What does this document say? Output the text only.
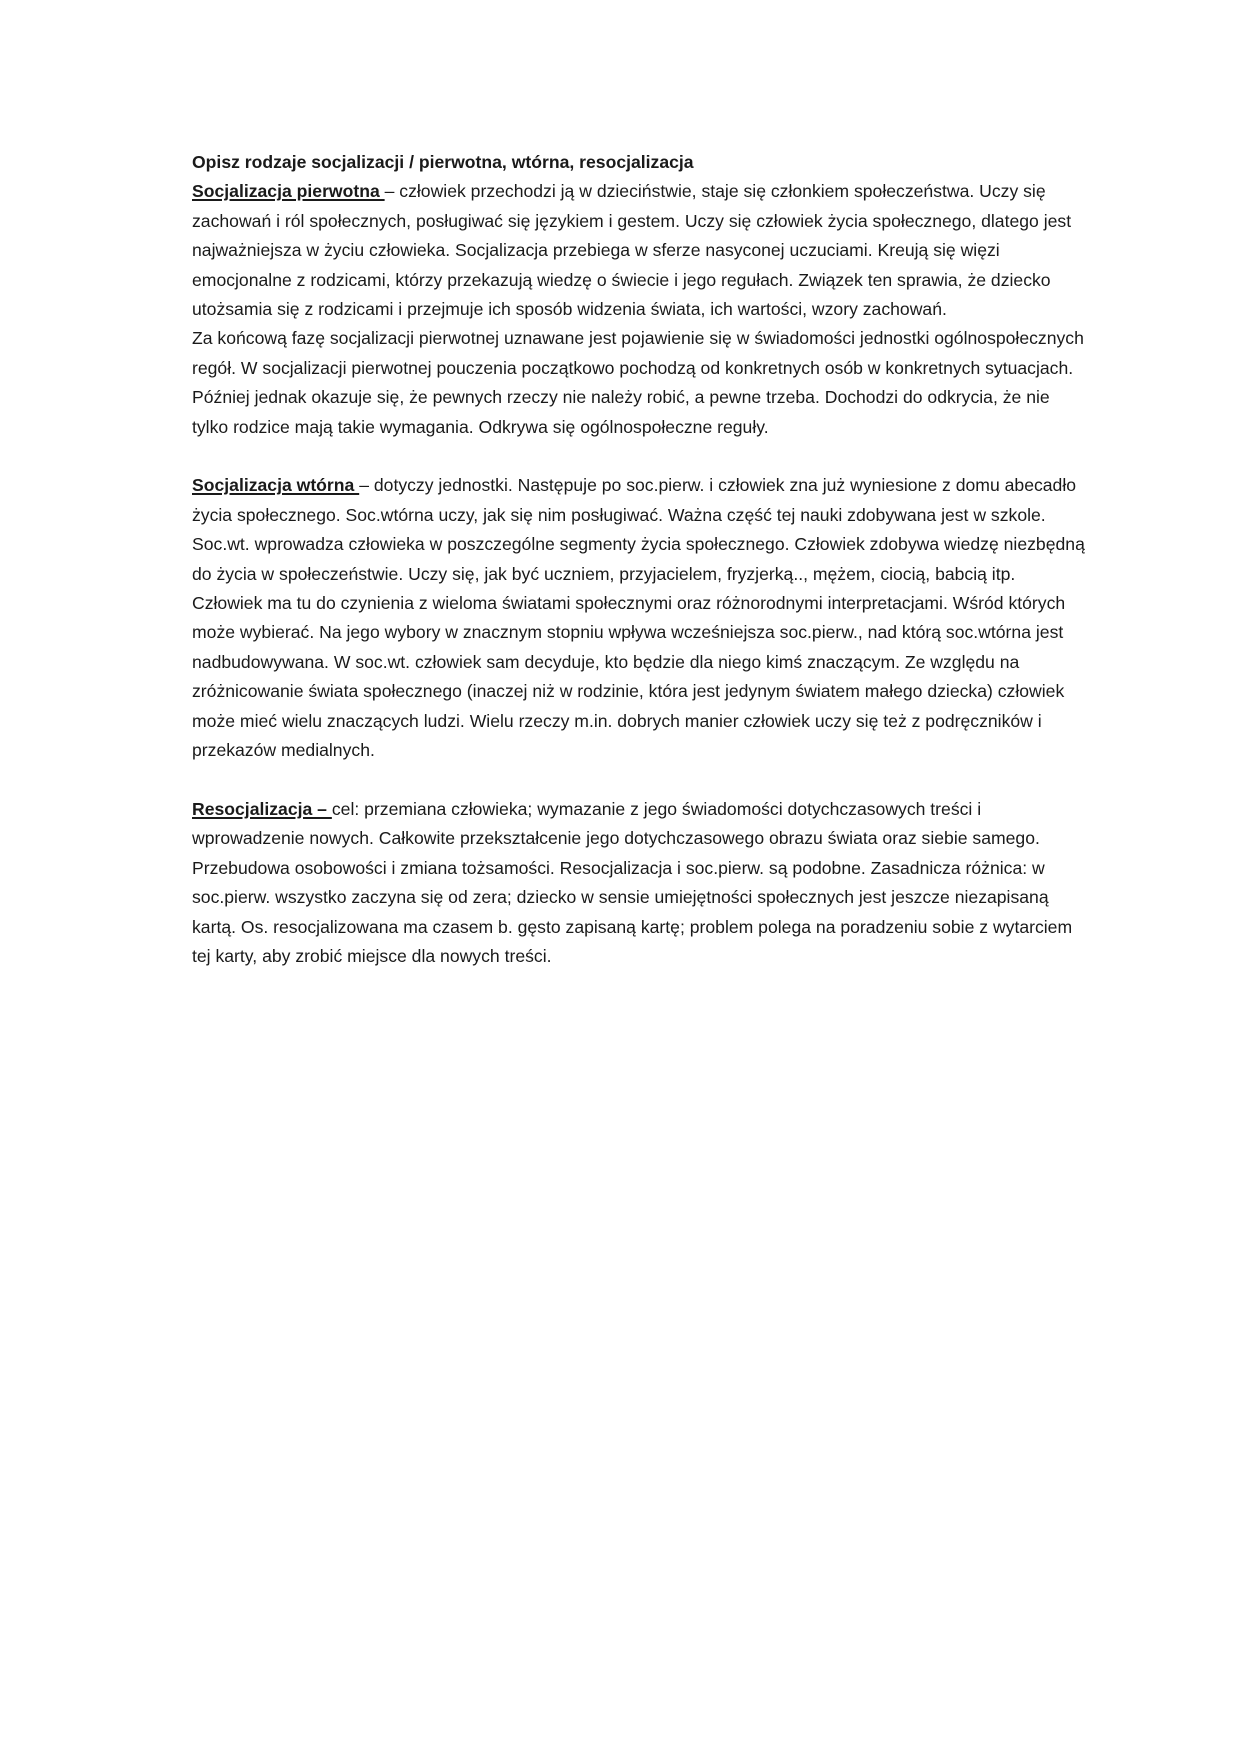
Opisz rodzaje socjalizacji / pierwotna, wtórna, resocjalizacja

Socjalizacja pierwotna – człowiek przechodzi ją w dzieciństwie, staje się członkiem społeczeństwa. Uczy się zachowań i ról społecznych, posługiwać się językiem i gestem. Uczy się człowiek życia społecznego, dlatego jest najważniejsza w życiu człowieka. Socjalizacja przebiega w sferze nasyconej uczuciami. Kreują się więzi emocjonalne z rodzicami, którzy przekazują wiedzę o świecie i jego regułach. Związek ten sprawia, że dziecko utożsamia się z rodzicami i przejmuje ich sposób widzenia świata, ich wartości, wzory zachowań.

Za końcową fazę socjalizacji pierwotnej uznawane jest pojawienie się w świadomości jednostki ogólnospołecznych regół. W socjalizacji pierwotnej pouczenia początkowo pochodzą od konkretnych osób w konkretnych sytuacjach. Później jednak okazuje się, że pewnych rzeczy nie należy robić, a pewne trzeba. Dochodzi do odkrycia, że nie tylko rodzice mają takie wymagania. Odkrywa się ogólnospołeczne reguły.

Socjalizacja wtórna – dotyczy jednostki. Następuje po soc.pierw. i człowiek zna już wyniesione z domu abecadło życia społecznego. Soc.wtórna uczy, jak się nim posługiwać. Ważna część tej nauki zdobywana jest w szkole. Soc.wt. wprowadza człowieka w poszczególne segmenty życia społecznego. Człowiek zdobywa wiedzę niezbędną do życia w społeczeństwie. Uczy się, jak być uczniem, przyjacielem, fryzjerką.., mężem, ciocią, babcią itp. Człowiek ma tu do czynienia z wieloma światami społecznymi oraz różnorodnymi interpretacjami. Wśród których może wybierać. Na jego wybory w znacznym stopniu wpływa wcześniejsza soc.pierw., nad którą soc.wtórna jest nadbudowywana. W soc.wt. człowiek sam decyduje, kto będzie dla niego kimś znaczącym. Ze względu na zróżnicowanie świata społecznego (inaczej niż w rodzinie, która jest jedynym światem małego dziecka) człowiek może mieć wielu znaczących ludzi. Wielu rzeczy m.in. dobrych manier człowiek uczy się też z podręczników i przekazów medialnych.

Resocjalizacja – cel: przemiana człowieka; wymazanie z jego świadomości dotychczasowych treści i wprowadzenie nowych. Całkowite przekształcenie jego dotychczasowego obrazu świata oraz siebie samego. Przebudowa osobowości i zmiana tożsamości. Resocjalizacja i soc.pierw. są podobne. Zasadnicza różnica: w soc.pierw. wszystko zaczyna się od zera; dziecko w sensie umiejętności społecznych jest jeszcze niezapisaną kartą. Os. resocjalizowana ma czasem b. gęsto zapisaną kartę; problem polega na poradzeniu sobie z wytarciem tej karty, aby zrobić miejsce dla nowych treści.
